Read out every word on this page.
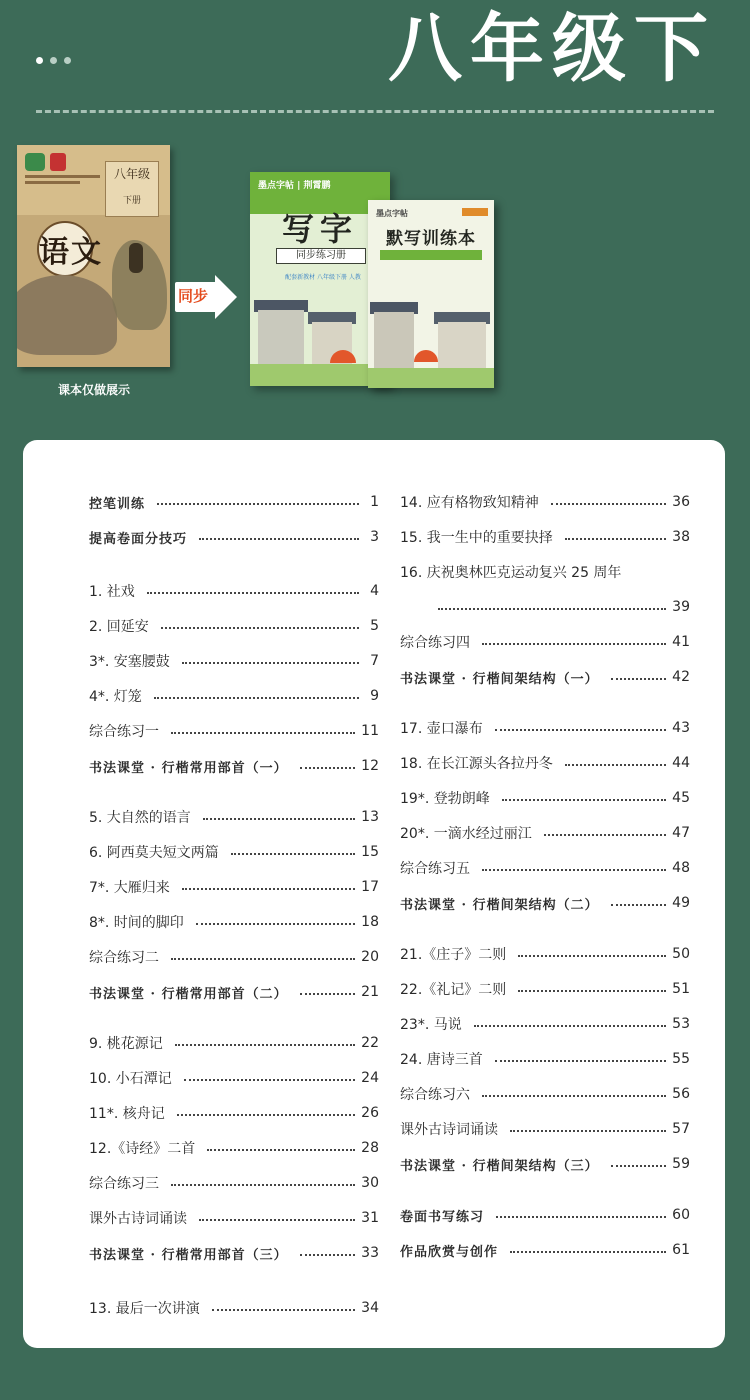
八年级下
八年级
下册
语文
课本仅做展示
同步
墨点字帖 | 荆霄鹏
写字
同步练习册
配套新教材 八年级下册 人教
墨点字帖
默写训练本
控笔训练	1
提高卷面分技巧	3
1. 社戏	4
2. 回延安	5
3*. 安塞腰鼓	7
4*. 灯笼	9
综合练习一	11
书法课堂 · 行楷常用部首（一）	12
5. 大自然的语言	13
6. 阿西莫夫短文两篇	15
7*. 大雁归来	17
8*. 时间的脚印	18
综合练习二	20
书法课堂 · 行楷常用部首（二）	21
9. 桃花源记	22
10. 小石潭记	24
11*. 核舟记	26
12.《诗经》二首	28
综合练习三	30
课外古诗词诵读	31
书法课堂 · 行楷常用部首（三）	33
13. 最后一次讲演	34
14. 应有格物致知精神	36
15. 我一生中的重要抉择	38
16. 庆祝奥林匹克运动复兴 25 周年
39
综合练习四	41
书法课堂 · 行楷间架结构（一）	42
17. 壶口瀑布	43
18. 在长江源头各拉丹冬	44
19*. 登勃朗峰	45
20*. 一滴水经过丽江	47
综合练习五	48
书法课堂 · 行楷间架结构（二）	49
21.《庄子》二则	50
22.《礼记》二则	51
23*. 马说	53
24. 唐诗三首	55
综合练习六	56
课外古诗词诵读	57
书法课堂 · 行楷间架结构（三）	59
卷面书写练习	60
作品欣赏与创作	61
